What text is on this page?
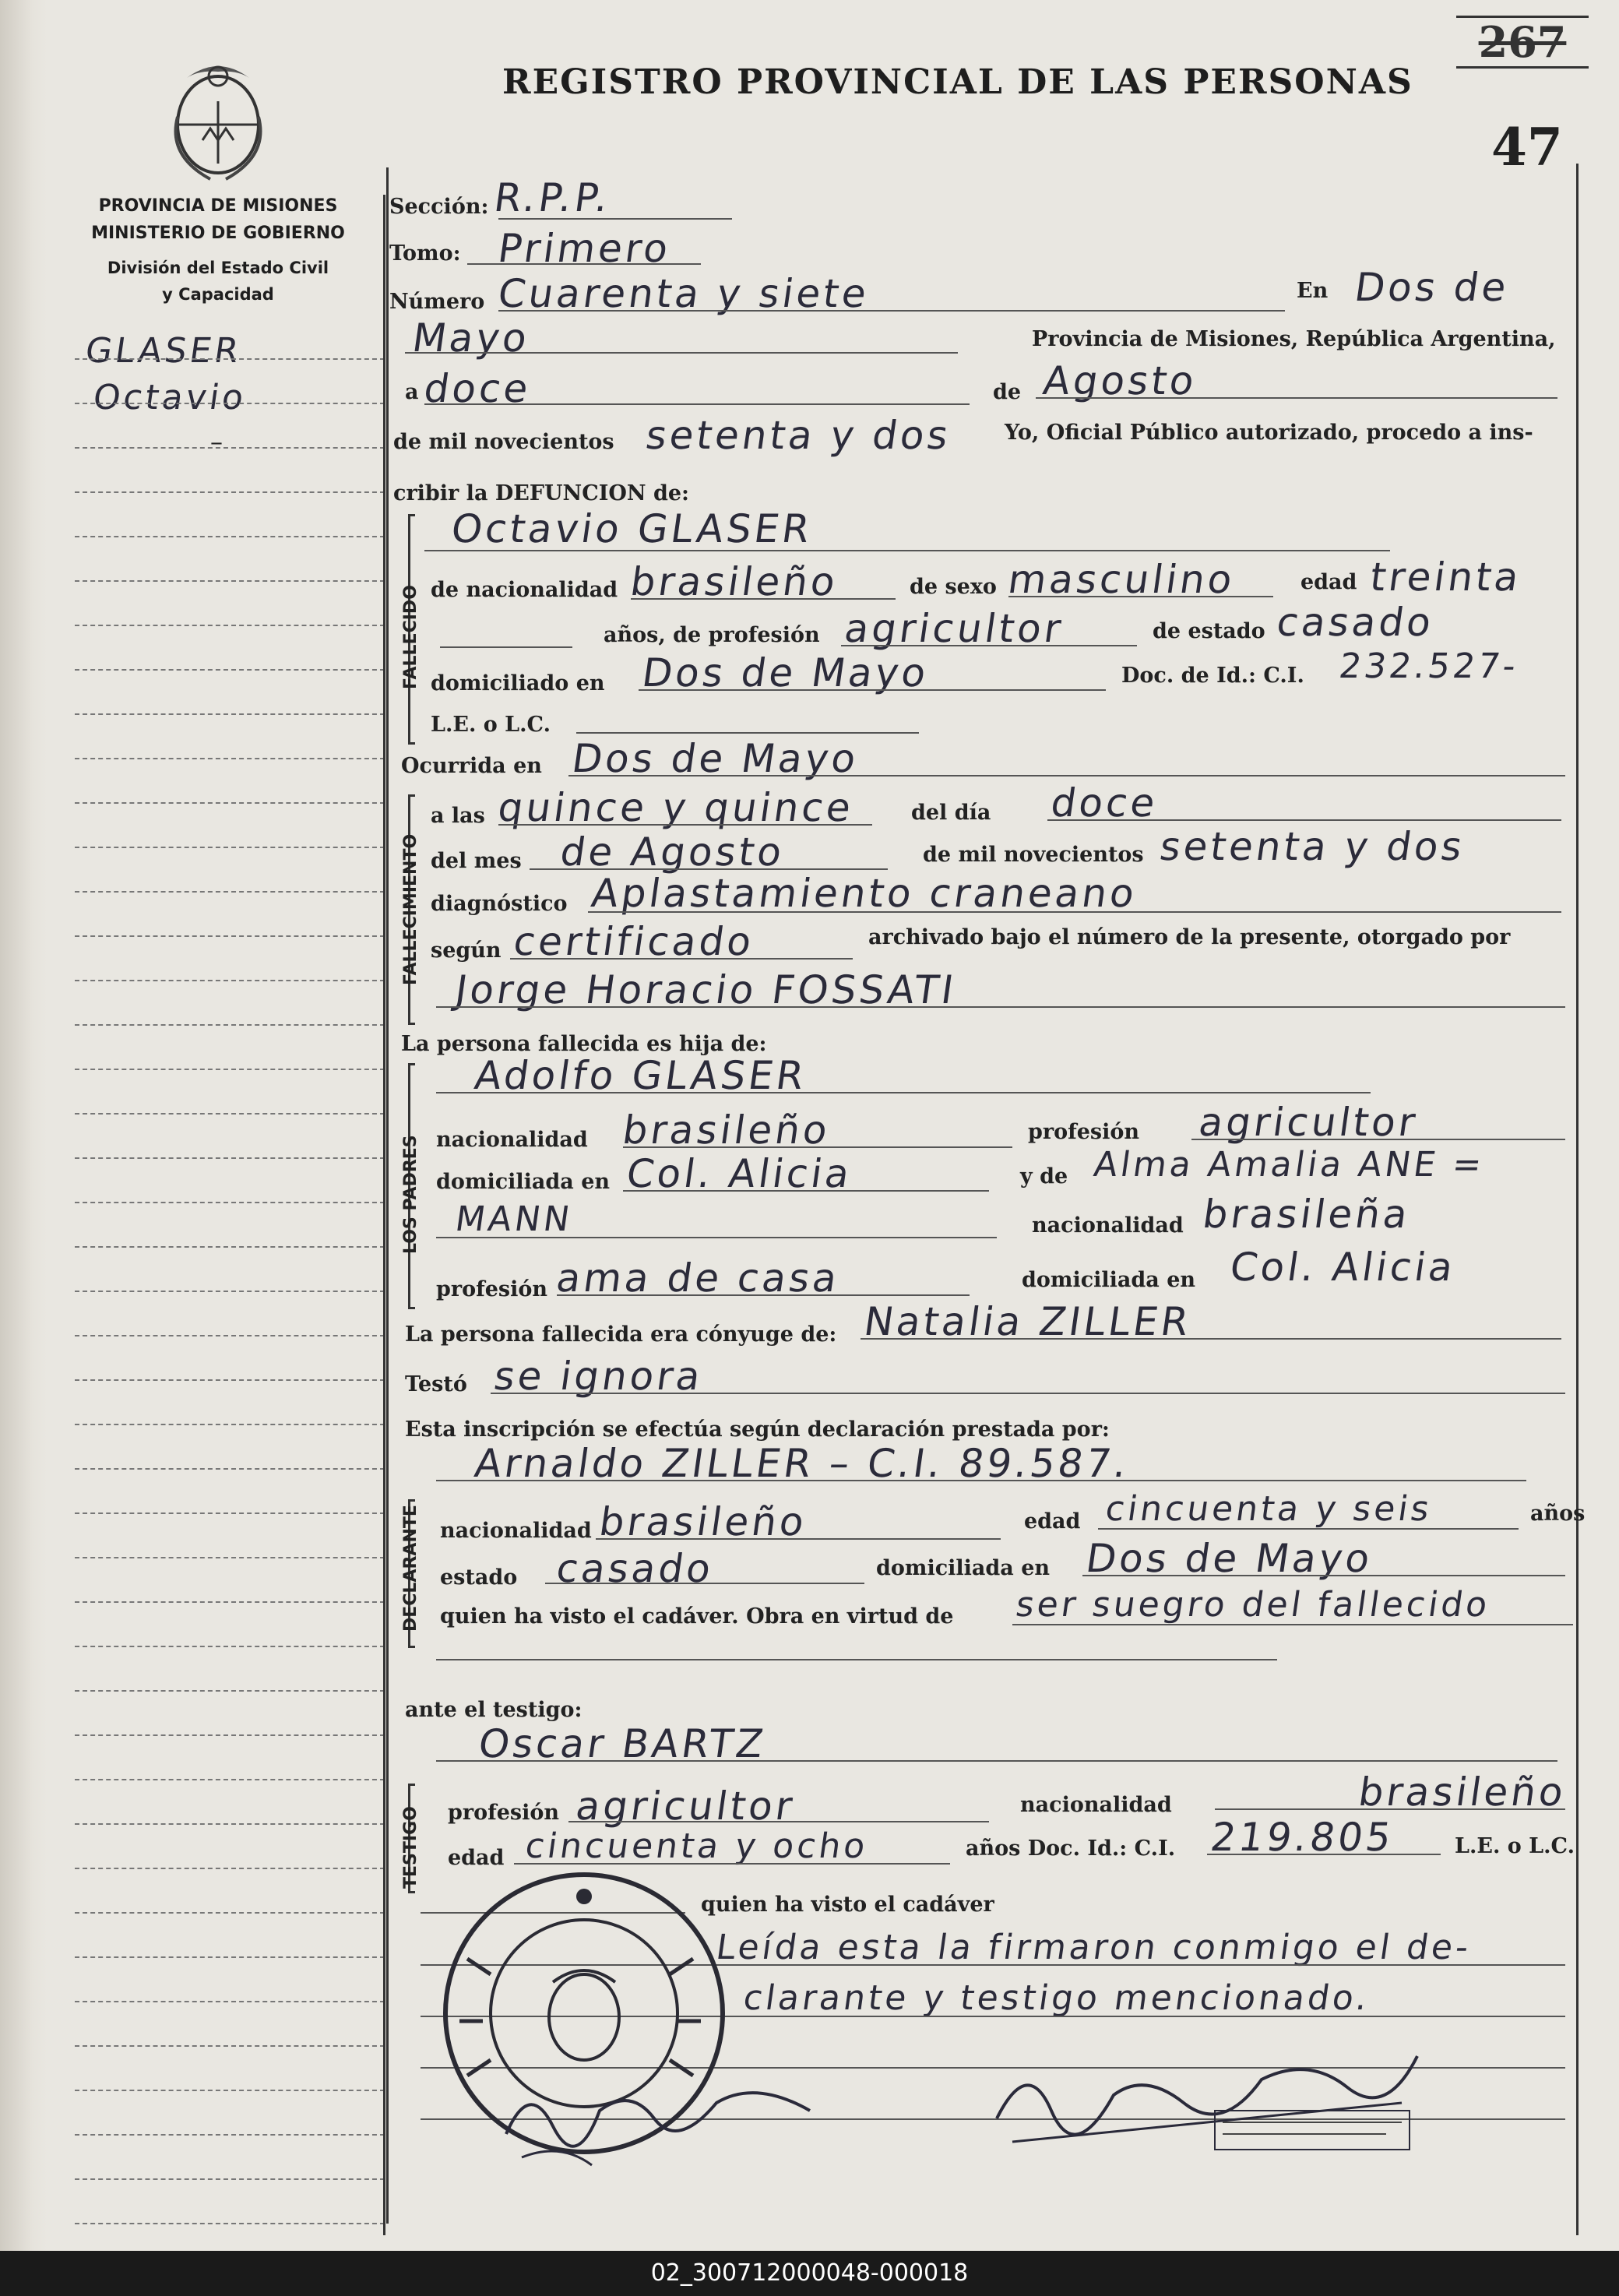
REGISTRO PROVINCIAL DE LAS PERSONAS
267
47
PROVINCIA DE MISIONES
MINISTERIO DE GOBIERNO
División del Estado Civil
y Capacidad
GLASER
Octavio
–
Sección: R.P.P.
Tomo: Primero
Número Cuarenta y siete	En Dos de
Mayo	Provincia de Misiones, República Argentina,
a doce	de Agosto
de mil novecientos setenta y dos Yo, Oficial Público autorizado, procedo a ins-
cribir la DEFUNCION de:
FALLECIDO
Octavio GLASER
de nacionalidad brasileño	de sexo masculino	edad treinta
años, de profesión agricultor	de estado casado
domiciliado en Dos de Mayo	Doc. de Id.: C.I. 232.527-
L.E. o L.C.
Ocurrida en Dos de Mayo
FALLECIMIENTO
a las quince y quince	del día doce
del mes de Agosto	de mil novecientos setenta y dos
diagnóstico Aplastamiento craneano
según certificado	archivado bajo el número de la presente, otorgado por
Jorge Horacio FOSSATI
La persona fallecida es hija de:
LOS PADRES
Adolfo GLASER
nacionalidad brasileño	profesión agricultor
domiciliada en Col. Alicia	y de Alma Amalia ANE =
MANN	nacionalidad brasileña
profesión ama de casa	domiciliada en Col. Alicia
La persona fallecida era cónyuge de: Natalia ZILLER
Testó se ignora
Esta inscripción se efectúa según declaración prestada por:
Arnaldo ZILLER – C.I. 89.587.
DECLARANTE nacionalidad brasileño	edad cincuenta y seis	años
estado casado	domiciliada en Dos de Mayo
quien ha visto el cadáver. Obra en virtud de ser suegro del fallecido
ante el testigo:
Oscar BARTZ
TESTIGO profesión agricultor	nacionalidad	brasileño
edad cincuenta y ocho	años Doc. Id.: C.I. 219.805	L.E. o L.C.
quien ha visto el cadáver
Leída esta la firmaron conmigo el de-
clarante y testigo mencionado.
02_300712000048-000018
